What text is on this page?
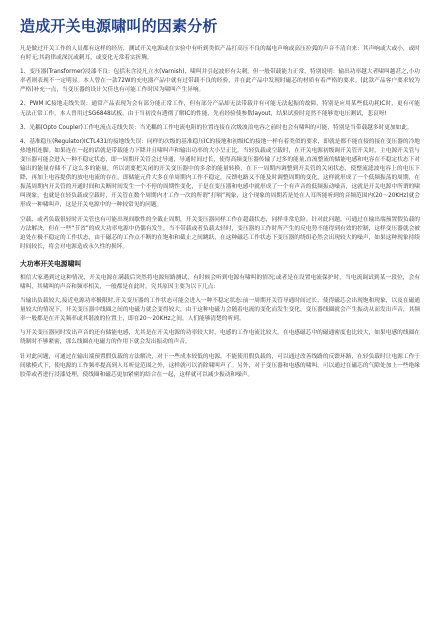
造成开关电源啸叫的因素分析

凡是做过开关工作的人员都有这样的经历，测试开关电源或在实验中有听到类似产品打高压不良的漏电声响或高压拉弧的声音不清自来：其声响或大或小，或时有时无;其韵律或深沉或刺耳，或变化无常着实折腾。

1、变压器(Transformer)浸漆不良：包括未含浸凡立水(Varnish)，啸叫并引起波形有尖刺，但一般带载能力正常，特别说明：输出功率越大者啸叫越甚之,小功率者则表现不一定明显。本人曾在一款72W的充电器产品中就有过带载不良的经验，并在此产品中发现时磁芯的材质有着严格的要求。(此款产品客户要求较为严格)补充一点，当变压器的设计欠佳也有可能工作时因为啸叫产生异响。

2、PWM IC接地走线失误：通常产品表现为会有部分能正常工作，但有部分产品却无法带载并有可能无法起振的故障，特别是应用某些低功耗IC时，更有可能无法正常工作。本人曾用过SG6848试板，由于当初没有透彻了解IC的性能，先看经验使参数layout，结果试验时竟然不能够宽电压测试，悲哀呀!

3、光耦(Opto Coupler)工作电流点走线失误：当光耦的工作电流电阻的位置连接在次级波浪电容之前时也会有啸叫的可能，特别是当带载越多时更加如此。

4、基准稳压(Regulator)ICTL431的接地线失误：同样的次级的基准稳压IC的接地和初级IC的接地一样有着类似的要求，即就是都不能直接的接在变压器的冷地热地相连脚。如果连在一起的话就是带载能力下降并且啸叫声和输出功率的大小呈正比。当轻负载或空载时，在开关电源初级调开关管开关时，主电源开关管与变压器可能会进入一种不稳定状态，即一周期开关管会过导通，导通时间过长，使得高频变压器传输了过多的能量,直流整流的储能电感和电容在不稳定状态下对输出的能量存储不了这么多的能量，所以需要把关闭的开关变压器中的多余的能量转换，在下一周期内调整到开关管的关闭状态，使整流滤波电容上的电压下降，再加上电容提供的放电电流的存在，即储能元件大多在单周期内工作不稳定，反馈电路又不能及时调整周期的变化，这样就形成了一个低频振荡的周期，在振荡周期内开关管的开通时间和关断时间发生一个不停的周期性变化，于是在变压器和电感中就形成了一个有声音的低频振动噪音，这就是开关电源中所谓的啸叫现象，也就是在轻负载或空载时，开关管在数个周期内才工作一次的所谓“打嗝”现象，这个现象的周期若是处在人耳所能听到的音频范围内(20～20KHz)就会形成一种啸叫声，这是开关电源中的一种较常见的问题。

空载、或者负载很轻时开关管也有可能出现间歇性的全截止周期，开关变压器同样工作在超载状态，同样非常危险。针对此问题，可通过在输出端预置假负载的方法解决，但在一些“节省”的成大功率电源中仍偶有发生，当不带载或者负载太轻时，变压器的工作时所产生的反电势不能得到有效的控制，这样变压器就会被迫处在极不稳定的工作状态，由于磁芯的工作点不断的在饱和和截止之间跳跃，在这种磁芯工作状态下变压器的绕组必然会出现较大的噪声，如果这种现象持续时间较长，将会对电源造成永久性的损坏。

大功率开关电源啸叫

相信大家遇到过这种情况，开关电源在满载后突然将电源短路测试，有时候会听到电源有啸叫的情况;或者是在设置电流保护时，当电流调试到某一段位，会有啸叫，其啸叫的声音和频率相关，一般都是在此时，究其原因主要为以下几点：

当输出负载较大,接近电源功率极限时,开关变压器的工作状态可能会进入一种不稳定状态:前一周期开关管导通时间过长，使得磁芯会出现饱和现象，以及在磁通量较大的情况下，开关变压器中线圈之间的电磁力就会变得较大，由于这种电磁力会随着电流的变化而发生变化，变压器线圈就会产生振动从而发出声音，其频率一般都是在开关频率或其谐波的位置上，即在20～20KHz之间，人们能够清楚的听到。

与开关变压器同时发出声音的还有储能电感，尤其是在开关电源的功率较大时，电感的工作电流比较大，在电感磁芯中的磁通密度也比较大，如果电感的线圈在绕制时不够紧密，那么线圈在电磁力的作用下就会发出振动的声音。

针对此问题，可通过在输出端预置假负载的方法解决，对于一些成本较低的电源，不能使用假负载的，可以通过改善线路的反馈环路，在轻负载时让电源工作于间歇模式下，使电源的工作频率提高到人耳听觉范围之外，这样就可以消除啸叫声了。另外，对于变压器和电感的啸叫，可以通过在磁芯的气隙处加上一些绝缘胶带或者进行浸漆处理，使线圈和磁芯更加紧密的结合在一起，这样就可以减少振动和噪声。
